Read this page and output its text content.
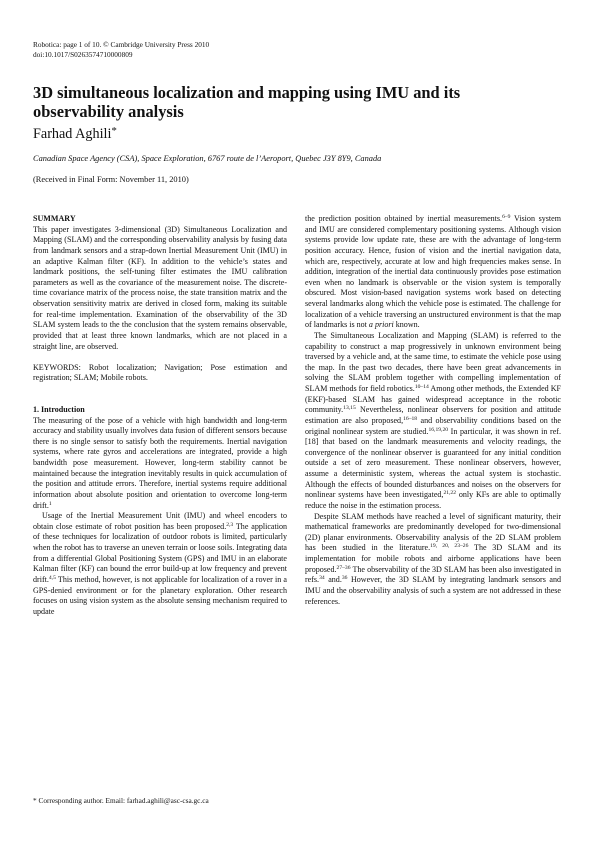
Robotica: page 1 of 10. © Cambridge University Press 2010
doi:10.1017/S0263574710000809
3D simultaneous localization and mapping using IMU and its
observability analysis
Farhad Aghili*
Canadian Space Agency (CSA), Space Exploration, 6767 route de l’Aeroport, Quebec J3Y 8Y9, Canada
(Received in Final Form: November 11, 2010)
SUMMARY

This paper investigates 3-dimensional (3D) Simultaneous Localization and Mapping (SLAM) and the corresponding observability analysis by fusing data from landmark sensors and a strap-down Inertial Measurement Unit (IMU) in an adaptive Kalman filter (KF). In addition to the vehicle’s states and landmark positions, the self-tuning filter estimates the IMU calibration parameters as well as the covariance of the measurement noise. The discrete-time covariance matrix of the process noise, the state transition matrix and the observation sensitivity matrix are derived in closed form, making its suitable for real-time implementation. Examination of the observability of the 3D SLAM system leads to the the conclusion that the system remains observable, provided that at least three known landmarks, which are not placed in a straight line, are observed.

KEYWORDS: Robot localization; Navigation; Pose estimation and registration; SLAM; Mobile robots.

1. Introduction

The measuring of the pose of a vehicle with high bandwidth and long-term accuracy and stability usually involves data fusion of different sensors because there is no single sensor to satisfy both the requirements. Inertial navigation systems, where rate gyros and accelerations are integrated, provide a high bandwidth pose measurement. However, long-term stability cannot be maintained because the integration inevitably results in quick accumulation of the position and attitude errors. Therefore, inertial systems require additional information about absolute position and orientation to overcome long-term drift.$^1$

Usage of the Inertial Measurement Unit (IMU) and wheel encoders to obtain close estimate of robot position has been proposed.$^{2,3}$ The application of these techniques for localization of outdoor robots is limited, particularly when the robot has to traverse an uneven terrain or loose soils. Integrating data from a differential Global Positioning System (GPS) and IMU in an elaborate Kalman filter (KF) can bound the error build-up at low frequency and prevent drift.$^{4,5}$ This method, however, is not applicable for localization of a rover in a GPS-denied environment or for the planetary exploration. Other research focuses on using vision system as the absolute sensing mechanism required to update

the prediction position obtained by inertial measurements.$^{6-9}$ Vision system and IMU are considered complementary positioning systems. Although vision systems provide low update rate, these are with the advantage of long-term position accuracy. Hence, fusion of vision and the inertial navigation data, which are, respectively, accurate at low and high frequencies makes sense. In addition, integration of the inertial data continuously provides pose estimation even when no landmark is observable or the vision system is temporally obscured. Most vision-based navigation systems work based on detecting several landmarks along which the vehicle pose is estimated. The challenge for localization of a vehicle traversing an unstructured environment is that the map of landmarks is not a priori known.

The Simultaneous Localization and Mapping (SLAM) is referred to the capability to construct a map progressively in unknown environment being traversed by a vehicle and, at the same time, to estimate the vehicle pose using the map. In the past two decades, there have been great advancements in solving the SLAM problem together with compelling implementation of SLAM methods for field robotics.$^{10-14}$ Among other methods, the Extended KF (EKF)-based SLAM has gained widespread acceptance in the robotic community.$^{13,15}$ Nevertheless, nonlinear observers for position and attitude estimation are also proposed,$^{16-18}$ and observability conditions based on the original nonlinear system are studied.$^{16,19,20}$ In particular, it was shown in ref. [18] that based on the landmark measurements and velocity readings, the convergence of the nonlinear observer is guaranteed for any initial condition outside a set of zero measurement. These nonlinear observers, however, assume a deterministic system, whereas the actual system is stochastic. Although the effects of bounded disturbances and noises on the observers for nonlinear systems have been investigated,$^{21,22}$ only KFs are able to optimally reduce the noise in the estimation process.

Despite SLAM methods have reached a level of significant maturity, their mathematical frameworks are predominantly developed for two-dimensional (2D) planar environments. Observability analysis of the 2D SLAM problem has been studied in the literature.$^{19, 20, 23-26}$ The 3D SLAM and its implementation for mobile robots and airborne applications have been proposed.$^{27-36}$ The observability of the 3D SLAM has been also investigated in refs.$^{34}$ and.$^{36}$ However, the 3D SLAM by integrating landmark sensors and IMU and the observability analysis of such a system are not addressed in these references.

* Corresponding author. Email: farhad.aghili@asc-csa.gc.ca
